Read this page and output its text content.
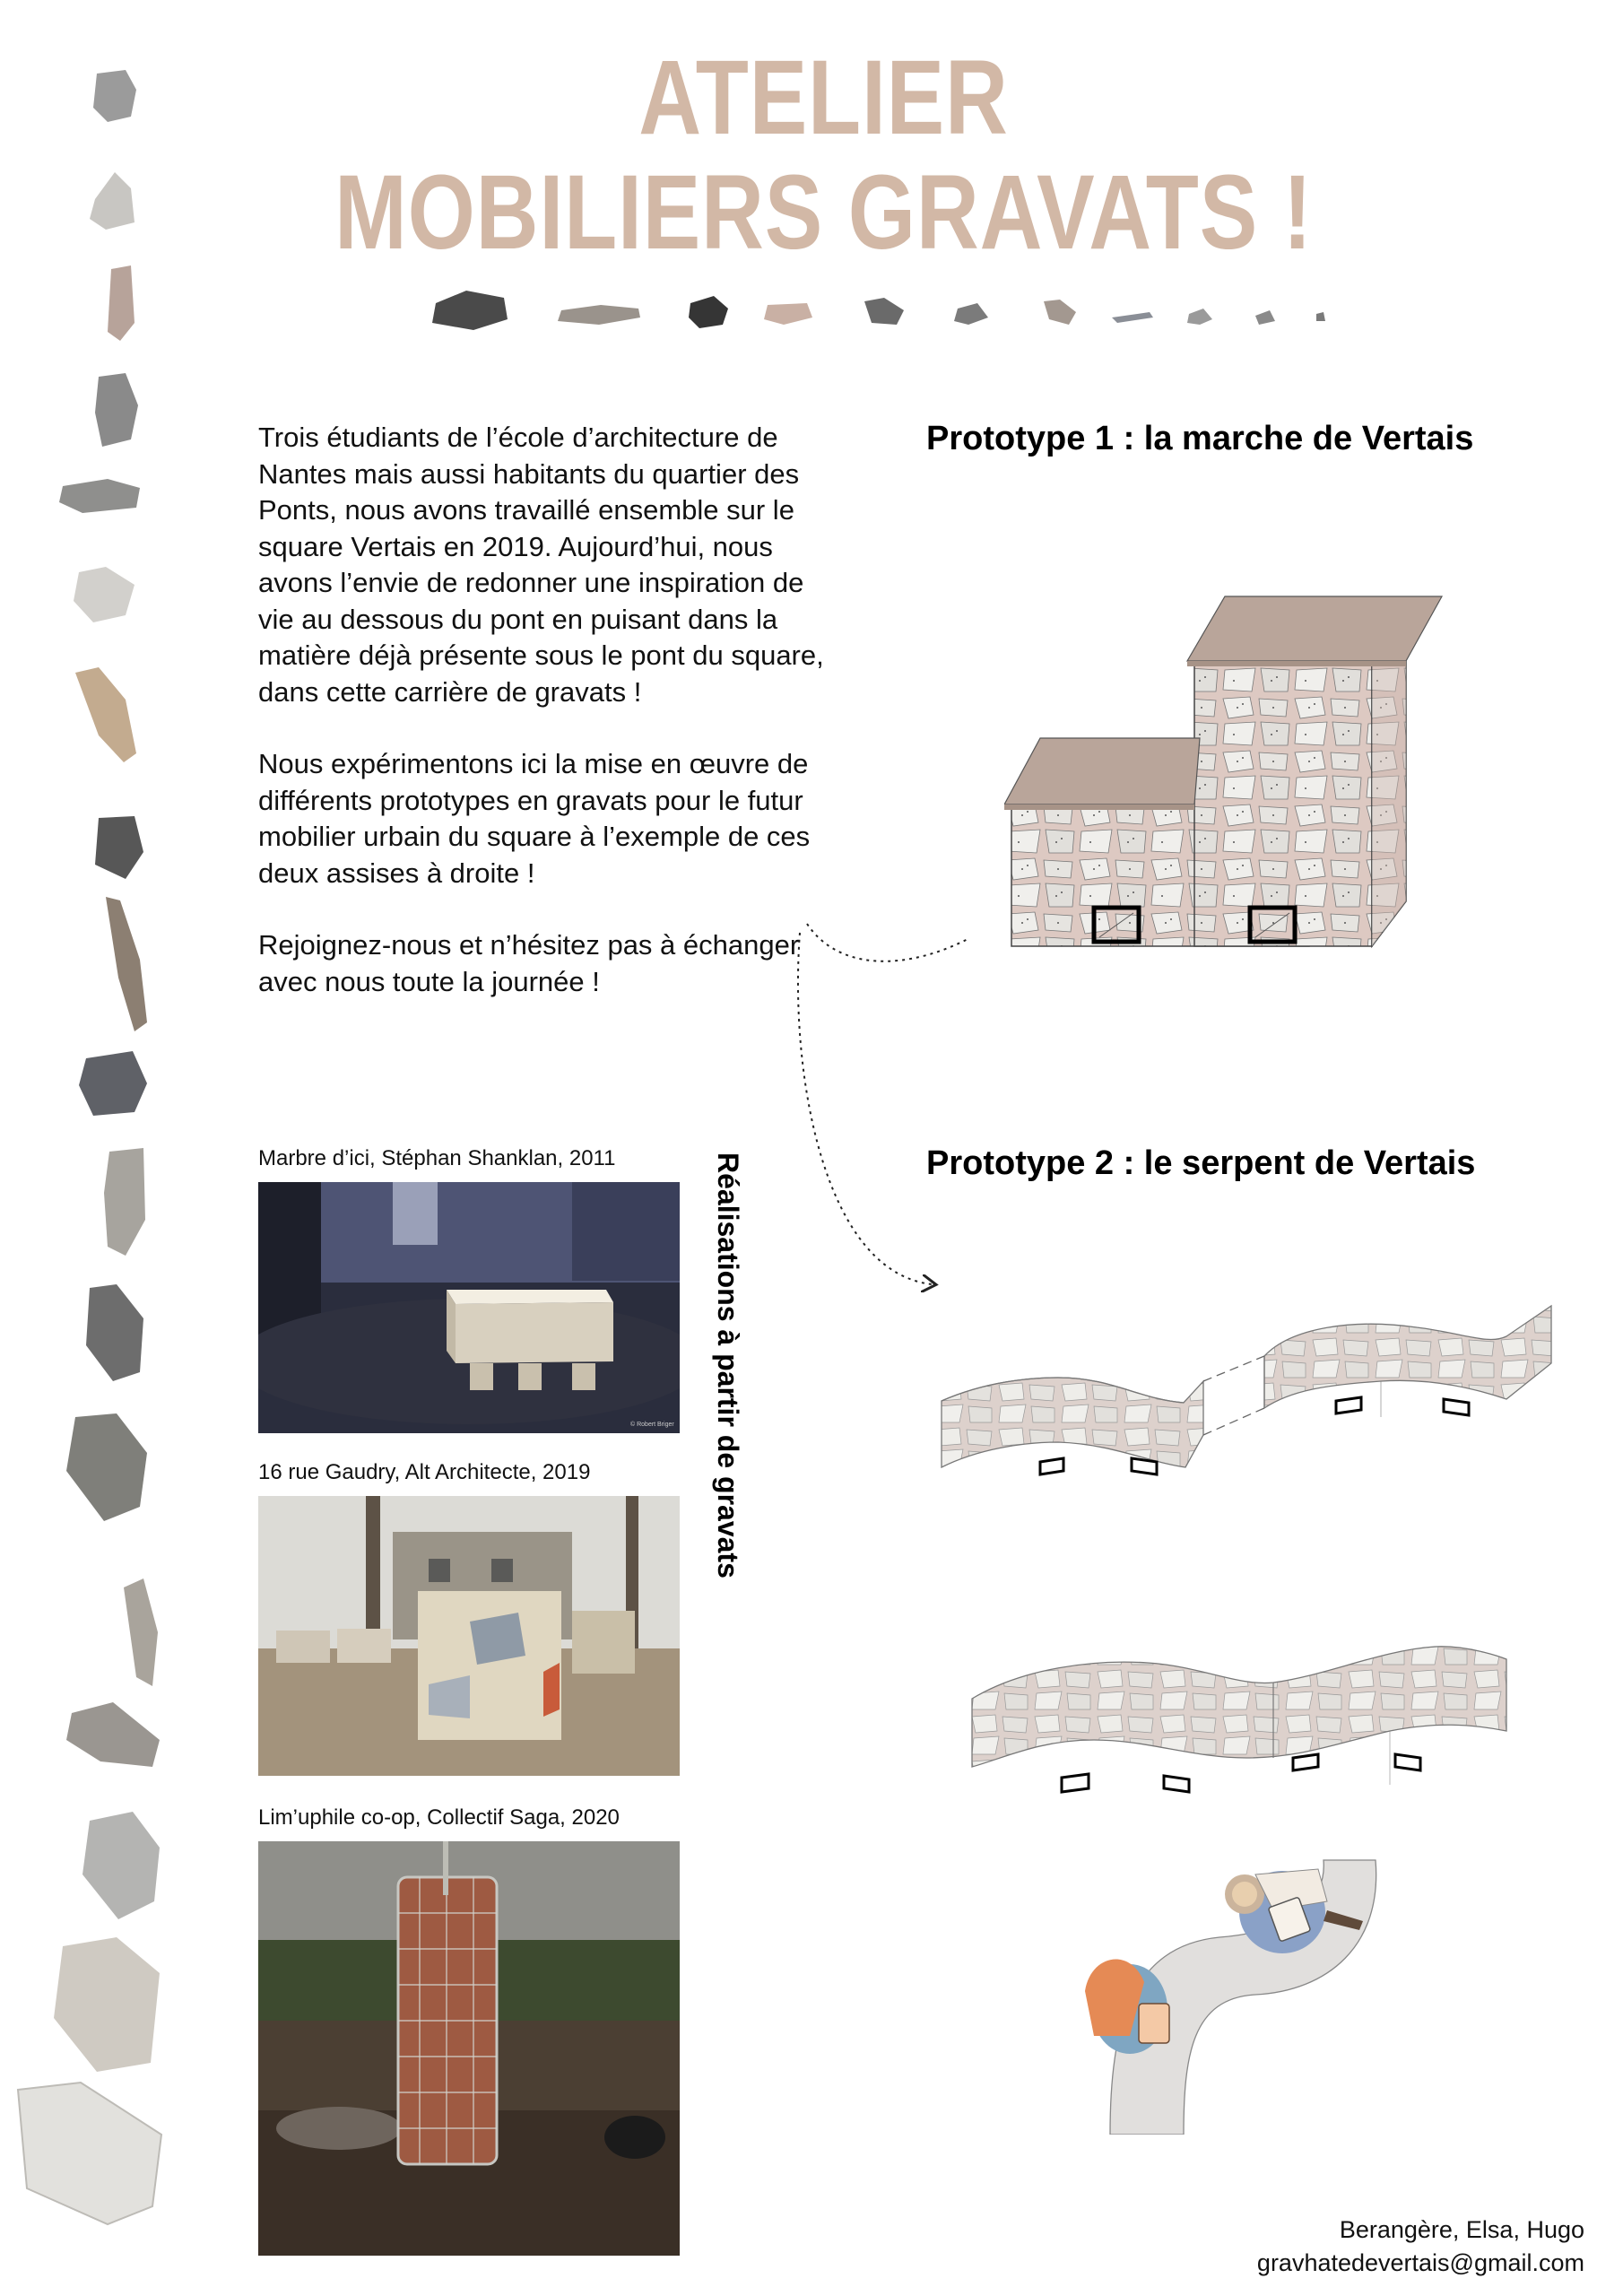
ATELIER
MOBILIERS GRAVATS !

Trois étudiants de l’école d’architecture de Nantes mais aussi habitants du quartier des Ponts, nous avons travaillé ensemble sur le square Vertais en 2019. Aujourd’hui, nous avons l’envie de redonner une inspiration de vie au dessous du pont en puisant dans la matière déjà présente sous le pont du square, dans cette carrière de gravats !

Nous expérimentons ici la mise en œuvre de différents prototypes en gravats pour le futur mobilier urbain du square à l’exemple de ces deux assises à droite !

Rejoignez-nous et n’hésitez pas à échanger avec nous toute la journée !

Prototype 1 : la marche de Vertais
Prototype 2 : le serpent de Vertais
Marbre d’ici, Stéphan Shanklan, 2011
© Robert Briger
16 rue Gaudry, Alt Architecte, 2019
Lim’uphile co-op, Collectif Saga, 2020
Réalisations à partir de gravats
Berangère, Elsa, Hugo
gravhatedevertais@gmail.com
